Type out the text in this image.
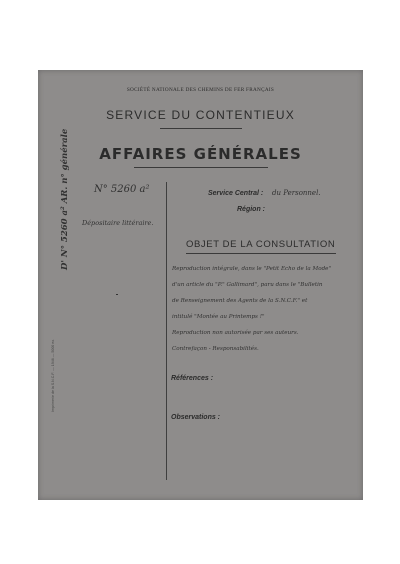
SOCIÉTÉ NATIONALE DES CHEMINS DE FER FRANÇAIS
SERVICE DU CONTENTIEUX
AFFAIRES GÉNÉRALES
N° 5260 a²
Dépositaire littéraire.
D' N° 5260 a² AR. n° générale
Imprimerie de la S.N.C.F. — 1946 — 5000 ex.
Service Central : du Personnel.
Région :
OBJET DE LA CONSULTATION
Reproduction intégrale, dans le "Petit Echo de la Mode"
d'un article du "P." Gallimard", paru dans le "Bulletin
de Renseignement des Agents de la S.N.C.F." et
intitulé "Montée au Printemps !"
Reproduction non autorisée par ses auteurs.
Contrefaçon - Responsabilités.
Références :
Observations :
